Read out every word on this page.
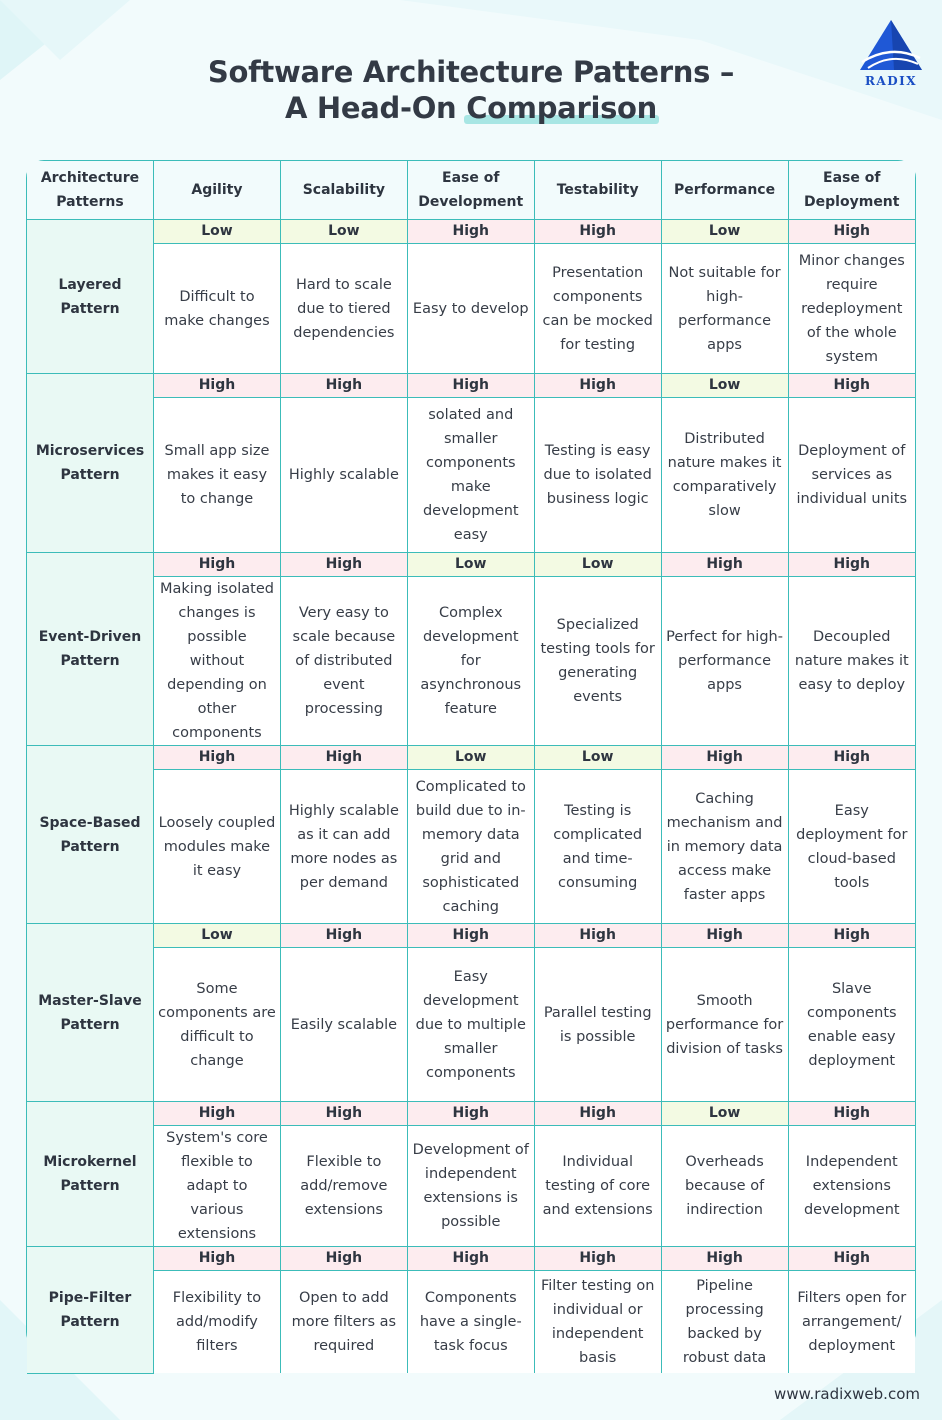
Software Architecture Patterns –
A Head-On Comparison
RADIX
Architecture Patterns	Agility	Scalability	Ease of Development	Testability	Performance	Ease of Deployment
Layered Pattern	Low	Low	High	High	Low	High
	Difficult to make changes	Hard to scale due to tiered dependencies	Easy to develop	Presentation components can be mocked for testing	Not suitable for high-performance apps	Minor changes require redeployment of the whole system
Microservices Pattern	High	High	High	High	Low	High
	Small app size makes it easy to change	Highly scalable	solated and smaller components make development easy	Testing is easy due to isolated business logic	Distributed nature makes it comparatively slow	Deployment of services as individual units
Event-Driven Pattern	High	High	Low	Low	High	High
	Making isolated changes is possible without depending on other components	Very easy to scale because of distributed event processing	Complex development for asynchronous feature	Specialized testing tools for generating events	Perfect for high-performance apps	Decoupled nature makes it easy to deploy
Space-Based Pattern	High	High	Low	Low	High	High
	Loosely coupled modules make it easy	Highly scalable as it can add more nodes as per demand	Complicated to build due to in-memory data grid and sophisticated caching	Testing is complicated and time-consuming	Caching mechanism and in memory data access make faster apps	Easy deployment for cloud-based tools
Master-Slave Pattern	Low	High	High	High	High	High
	Some components are difficult to change	Easily scalable	Easy development due to multiple smaller components	Parallel testing is possible	Smooth performance for division of tasks	Slave components enable easy deployment
Microkernel Pattern	High	High	High	High	Low	High
	System's core flexible to adapt to various extensions	Flexible to add/remove extensions	Development of independent extensions is possible	Individual testing of core and extensions	Overheads because of indirection	Independent extensions development
Pipe-Filter Pattern	High	High	High	High	High	High
	Flexibility to add/modify filters	Open to add more filters as required	Components have a single-task focus	Filter testing on individual or independent basis	Pipeline processing backed by robust data	Filters open for arrangement/ deployment
www.radixweb.com
